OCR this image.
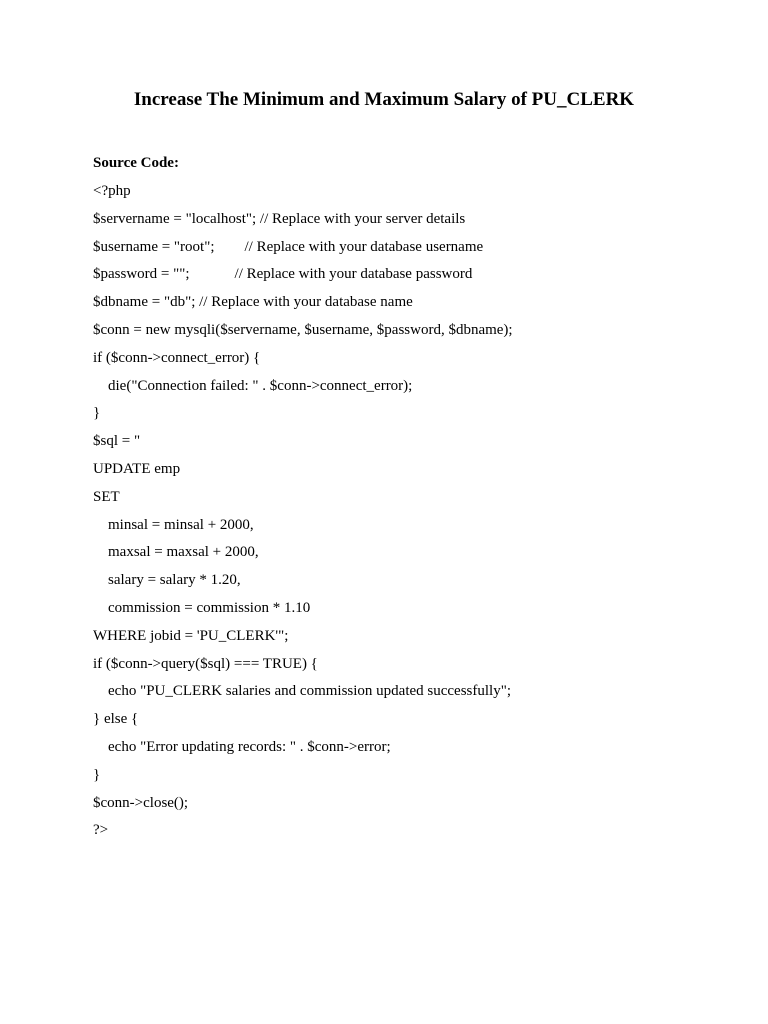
Increase The Minimum and Maximum Salary of PU_CLERK

Source Code:

<?php
$servername = "localhost"; // Replace with your server details
$username = "root";        // Replace with your database username
$password = "";            // Replace with your database password
$dbname = "db"; // Replace with your database name
$conn = new mysqli($servername, $username, $password, $dbname);
if ($conn->connect_error) {
die("Connection failed: " . $conn->connect_error);
}
$sql = "
UPDATE emp
SET
minsal = minsal + 2000,
maxsal = maxsal + 2000,
salary = salary * 1.20,
commission = commission * 1.10
WHERE jobid = 'PU_CLERK'";
if ($conn->query($sql) === TRUE) {
echo "PU_CLERK salaries and commission updated successfully";
} else {
echo "Error updating records: " . $conn->error;
}
$conn->close();
?>
